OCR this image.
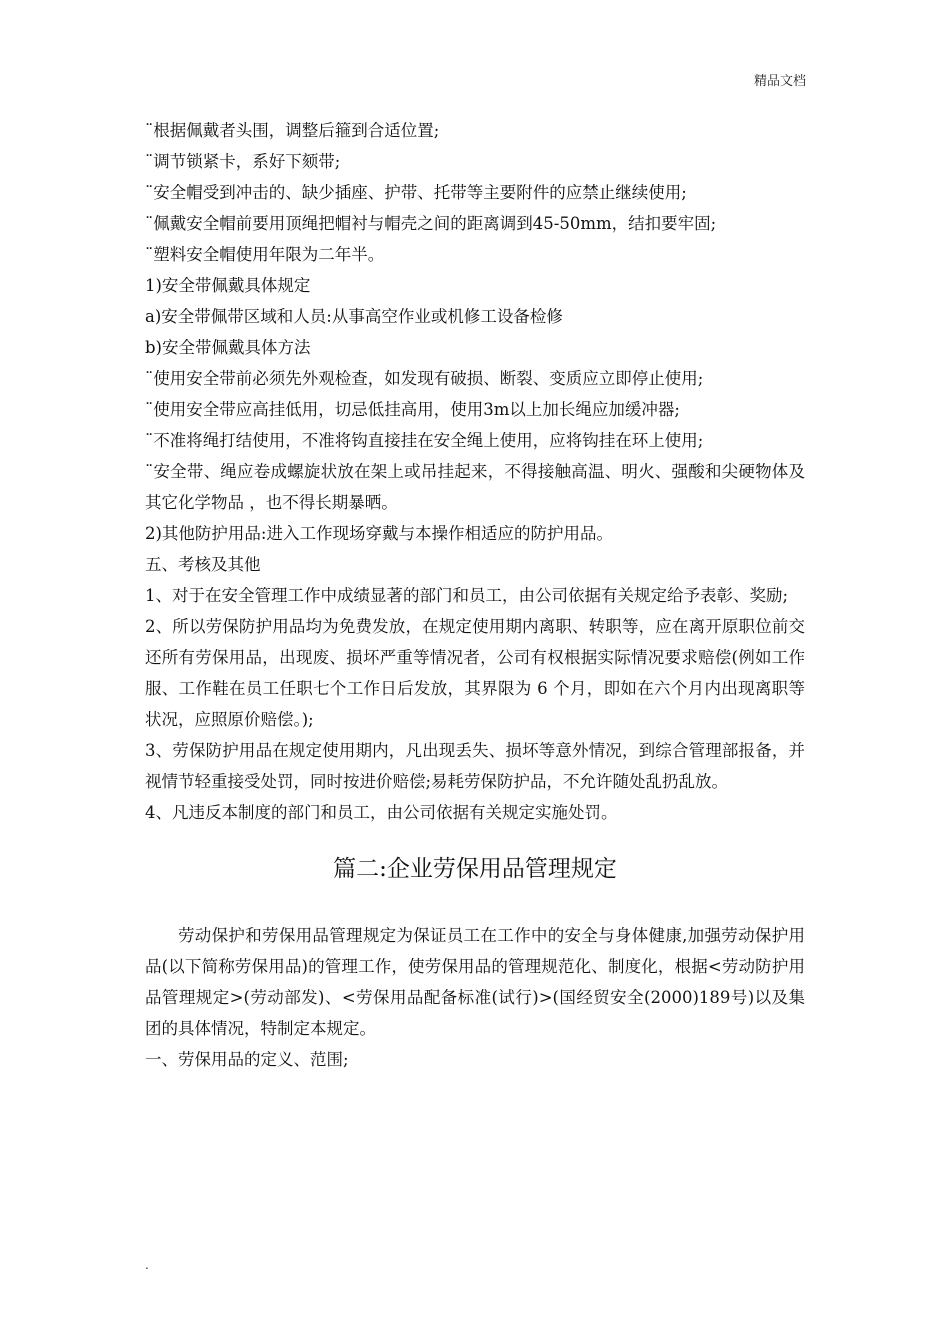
精品文档
¨根据佩戴者头围，调整后箍到合适位置;
¨调节锁紧卡，系好下颏带;
¨安全帽受到冲击的、缺少插座、护带、托带等主要附件的应禁止继续使用;
¨佩戴安全帽前要用顶绳把帽衬与帽壳之间的距离调到45-50mm，结扣要牢固;
¨塑料安全帽使用年限为二年半。
1)安全带佩戴具体规定
a)安全带佩带区域和人员:从事高空作业或机修工设备检修
b)安全带佩戴具体方法
¨使用安全带前必须先外观检查，如发现有破损、断裂、变质应立即停止使用;
¨使用安全带应高挂低用，切忌低挂高用，使用3m以上加长绳应加缓冲器;
¨不准将绳打结使用，不准将钩直接挂在安全绳上使用，应将钩挂在环上使用;
¨安全带、绳应卷成螺旋状放在架上或吊挂起来，不得接触高温、明火、强酸和尖硬物体及其它化学物品 ，也不得长期暴晒。
2)其他防护用品:进入工作现场穿戴与本操作相适应的防护用品。
五、考核及其他
1、对于在安全管理工作中成绩显著的部门和员工，由公司依据有关规定给予表彰、奖励;
2、所以劳保防护用品均为免费发放，在规定使用期内离职、转职等，应在离开原职位前交还所有劳保用品，出现废、损坏严重等情况者，公司有权根据实际情况要求赔偿(例如工作服、工作鞋在员工任职七个工作日后发放，其界限为 6 个月，即如在六个月内出现离职等状况，应照原价赔偿。);
3、劳保防护用品在规定使用期内，凡出现丢失、损坏等意外情况，到综合管理部报备，并视情节轻重接受处罚，同时按进价赔偿;易耗劳保防护品，不允许随处乱扔乱放。
4、凡违反本制度的部门和员工，由公司依据有关规定实施处罚。
篇二:企业劳保用品管理规定
劳动保护和劳保用品管理规定为保证员工在工作中的安全与身体健康,加强劳动保护用品(以下简称劳保用品)的管理工作，使劳保用品的管理规范化、制度化，根据<劳动防护用品管理规定>(劳动部发)、<劳保用品配备标准(试行)>(国经贸安全(2000)189号)以及集团的具体情况，特制定本规定。
一、劳保用品的定义、范围;
.
